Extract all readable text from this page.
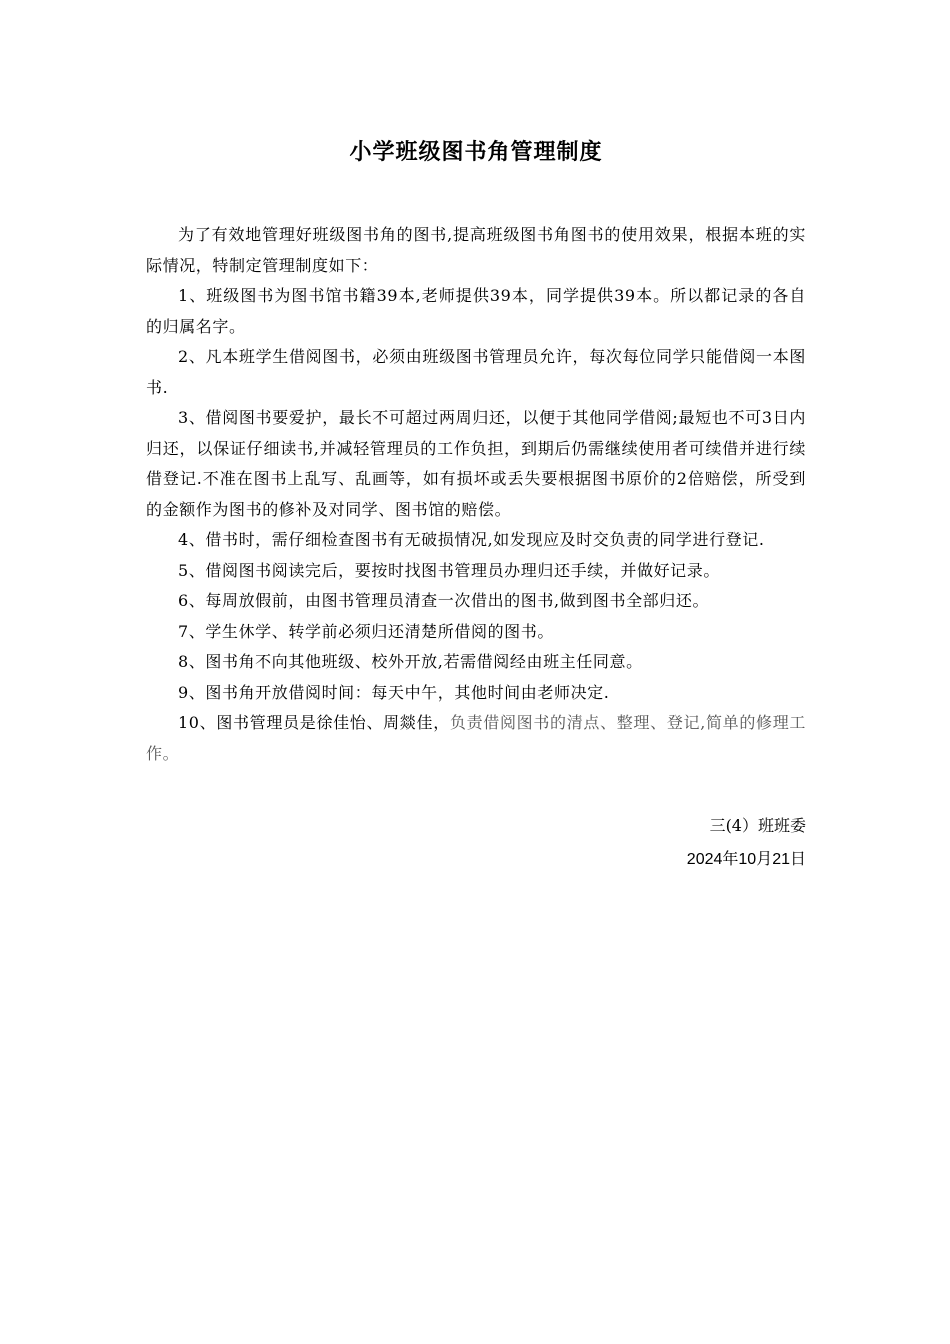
小学班级图书角管理制度

为了有效地管理好班级图书角的图书,提高班级图书角图书的使用效果，根据本班的实际情况，特制定管理制度如下：

1、班级图书为图书馆书籍39本,老师提供39本，同学提供39本。所以都记录的各自的归属名字。

2、凡本班学生借阅图书，必须由班级图书管理员允许，每次每位同学只能借阅一本图书.

3、借阅图书要爱护，最长不可超过两周归还，以便于其他同学借阅;最短也不可3日内归还，以保证仔细读书,并减轻管理员的工作负担，到期后仍需继续使用者可续借并进行续借登记.不准在图书上乱写、乱画等，如有损坏或丢失要根据图书原价的2倍赔偿，所受到的金额作为图书的修补及对同学、图书馆的赔偿。

4、借书时，需仔细检查图书有无破损情况,如发现应及时交负责的同学进行登记.

5、借阅图书阅读完后，要按时找图书管理员办理归还手续，并做好记录。

6、每周放假前，由图书管理员清查一次借出的图书,做到图书全部归还。

7、学生休学、转学前必须归还清楚所借阅的图书。

8、图书角不向其他班级、校外开放,若需借阅经由班主任同意。

9、图书角开放借阅时间：每天中午，其他时间由老师决定.

10、图书管理员是徐佳怡、周燚佳，负责借阅图书的清点、整理、登记,简单的修理工作。

三(4）班班委

2024年10月21日
